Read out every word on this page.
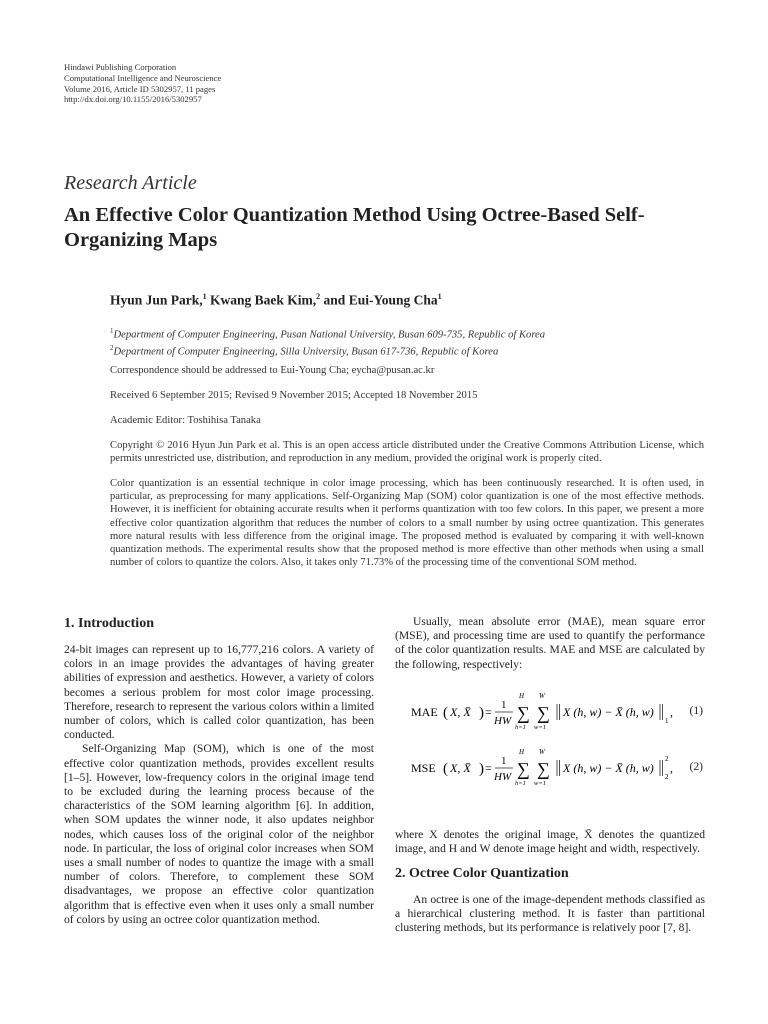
Hindawi Publishing Corporation
Computational Intelligence and Neuroscience
Volume 2016, Article ID 5302957, 11 pages
http://dx.doi.org/10.1155/2016/5302957
Research Article
An Effective Color Quantization Method Using Octree-Based Self-Organizing Maps
Hyun Jun Park,$^1$ Kwang Baek Kim,$^2$ and Eui-Young Cha$^1$
$^1$Department of Computer Engineering, Pusan National University, Busan 609-735, Republic of Korea
$^2$Department of Computer Engineering, Silla University, Busan 617-736, Republic of Korea
Correspondence should be addressed to Eui-Young Cha; eycha@pusan.ac.kr
Received 6 September 2015; Revised 9 November 2015; Accepted 18 November 2015
Academic Editor: Toshihisa Tanaka
Copyright © 2016 Hyun Jun Park et al. This is an open access article distributed under the Creative Commons Attribution License, which permits unrestricted use, distribution, and reproduction in any medium, provided the original work is properly cited.
Color quantization is an essential technique in color image processing, which has been continuously researched. It is often used, in particular, as preprocessing for many applications. Self-Organizing Map (SOM) color quantization is one of the most effective methods. However, it is inefficient for obtaining accurate results when it performs quantization with too few colors. In this paper, we present a more effective color quantization algorithm that reduces the number of colors to a small number by using octree quantization. This generates more natural results with less difference from the original image. The proposed method is evaluated by comparing it with well-known quantization methods. The experimental results show that the proposed method is more effective than other methods when using a small number of colors to quantize the colors. Also, it takes only 71.73% of the processing time of the conventional SOM method.
1. Introduction

24-bit images can represent up to 16,777,216 colors. A variety of colors in an image provides the advantages of having greater abilities of expression and aesthetics. However, a variety of colors becomes a serious problem for most color image processing. Therefore, research to represent the various colors within a limited number of colors, which is called color quantization, has been conducted.

Self-Organizing Map (SOM), which is one of the most effective color quantization methods, provides excellent results [1–5]. However, low-frequency colors in the original image tend to be excluded during the learning process because of the characteristics of the SOM learning algorithm [6]. In addition, when SOM updates the winner node, it also updates neighbor nodes, which causes loss of the original color of the neighbor node. In particular, the loss of original color increases when SOM uses a small number of nodes to quantize the image with a small number of colors. Therefore, to complement these SOM disadvantages, we propose an effective color quantization algorithm that is effective even when it uses only a small number of colors by using an octree color quantization method.

Usually, mean absolute error (MAE), mean square error (MSE), and processing time are used to quantify the performance of the color quantization results. MAE and MSE are calculated by the following, respectively:

MAE ( X, X̄ ) = 1
HW
H
∑
h=1
W
∑
w=1
X (h, w) − X̄ (h, w)
1
, (1)
MSE ( X, X̄ ) = 1
HW
H
∑
h=1
W
∑
w=1
X (h, w) − X̄ (h, w)
2
2
, (2)

where X denotes the original image, X̄ denotes the quantized image, and H and W denote image height and width, respectively.

2. Octree Color Quantization

An octree is one of the image-dependent methods classified as a hierarchical clustering method. It is faster than partitional clustering methods, but its performance is relatively poor [7, 8].
